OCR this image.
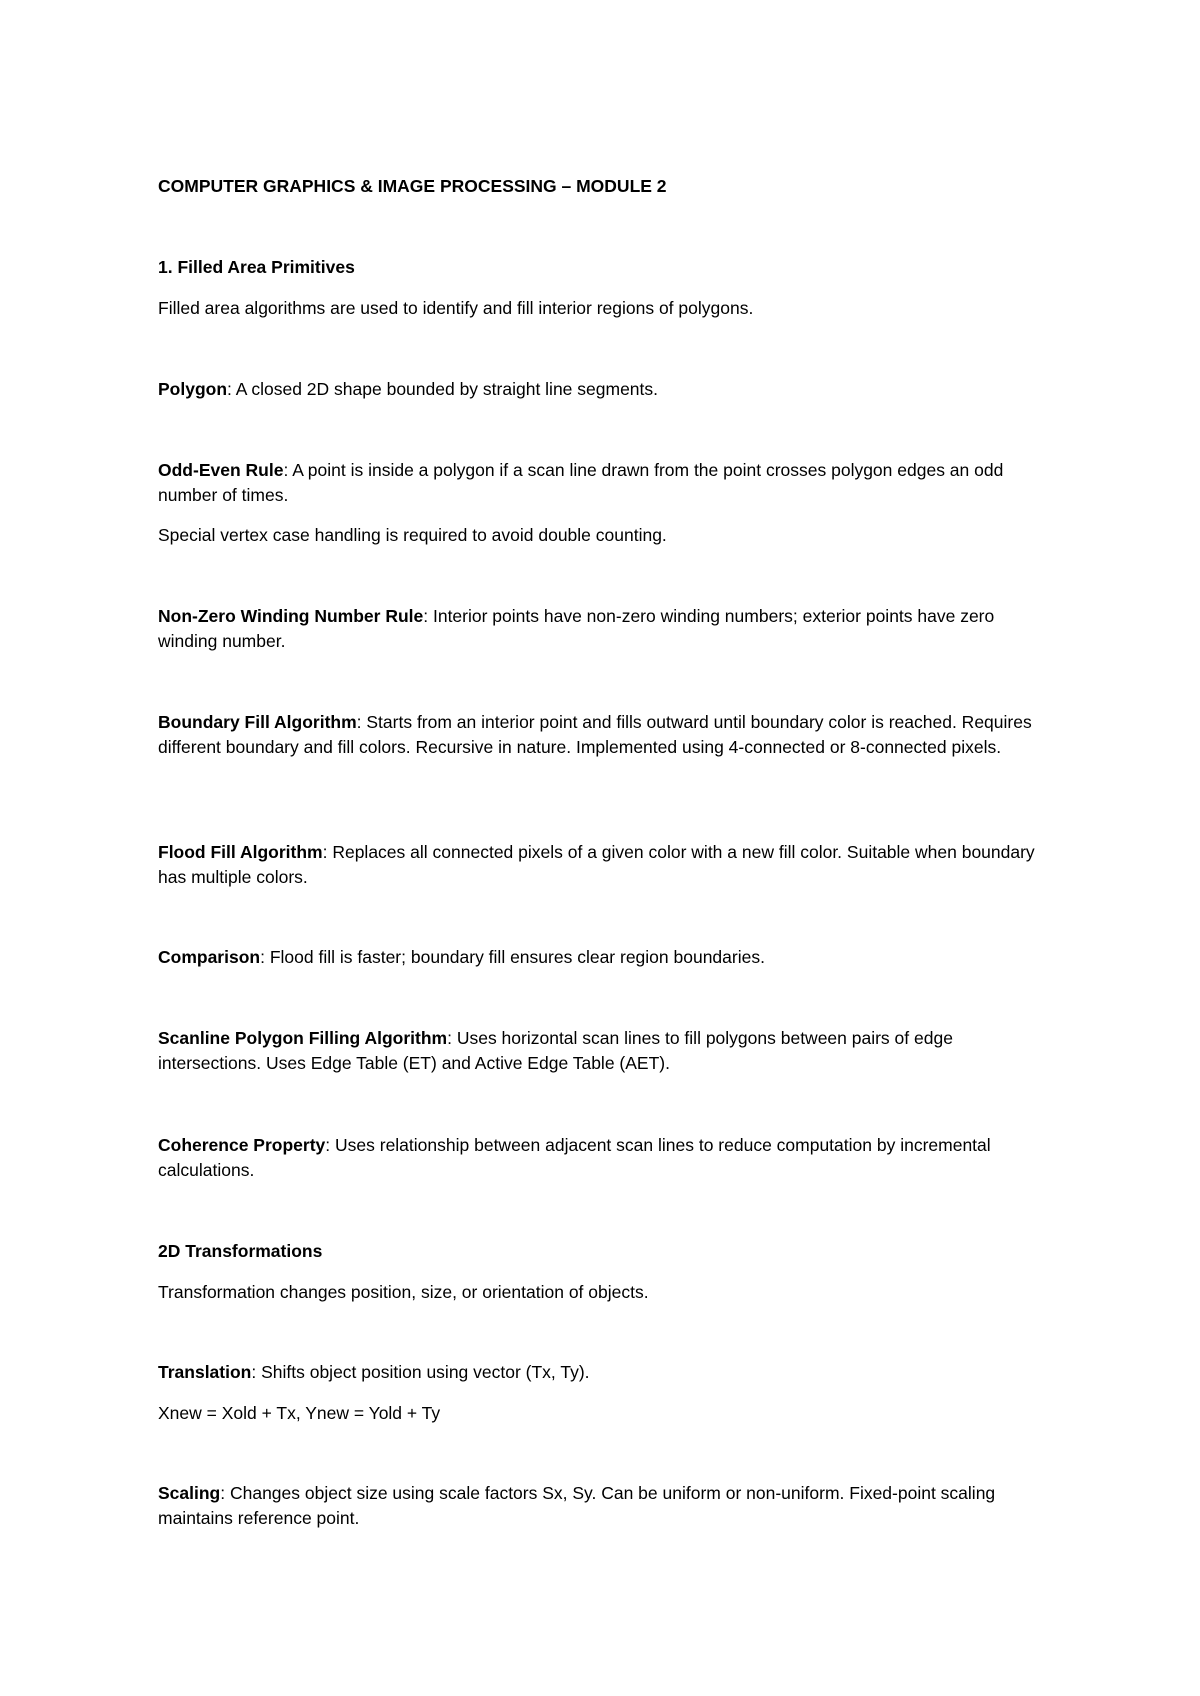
COMPUTER GRAPHICS & IMAGE PROCESSING – MODULE 2

1. Filled Area Primitives

Filled area algorithms are used to identify and fill interior regions of polygons.

Polygon: A closed 2D shape bounded by straight line segments.

Odd-Even Rule: A point is inside a polygon if a scan line drawn from the point crosses polygon edges an odd number of times.

Special vertex case handling is required to avoid double counting.

Non-Zero Winding Number Rule: Interior points have non-zero winding numbers; exterior points have zero winding number.

Boundary Fill Algorithm: Starts from an interior point and fills outward until boundary color is reached. Requires different boundary and fill colors. Recursive in nature. Implemented using 4-connected or 8-connected pixels.

Flood Fill Algorithm: Replaces all connected pixels of a given color with a new fill color. Suitable when boundary has multiple colors.

Comparison: Flood fill is faster; boundary fill ensures clear region boundaries.

Scanline Polygon Filling Algorithm: Uses horizontal scan lines to fill polygons between pairs of edge intersections. Uses Edge Table (ET) and Active Edge Table (AET).

Coherence Property: Uses relationship between adjacent scan lines to reduce computation by incremental calculations.

2D Transformations

Transformation changes position, size, or orientation of objects.

Translation: Shifts object position using vector (Tx, Ty).

Xnew = Xold + Tx, Ynew = Yold + Ty

Scaling: Changes object size using scale factors Sx, Sy. Can be uniform or non-uniform. Fixed-point scaling maintains reference point.
